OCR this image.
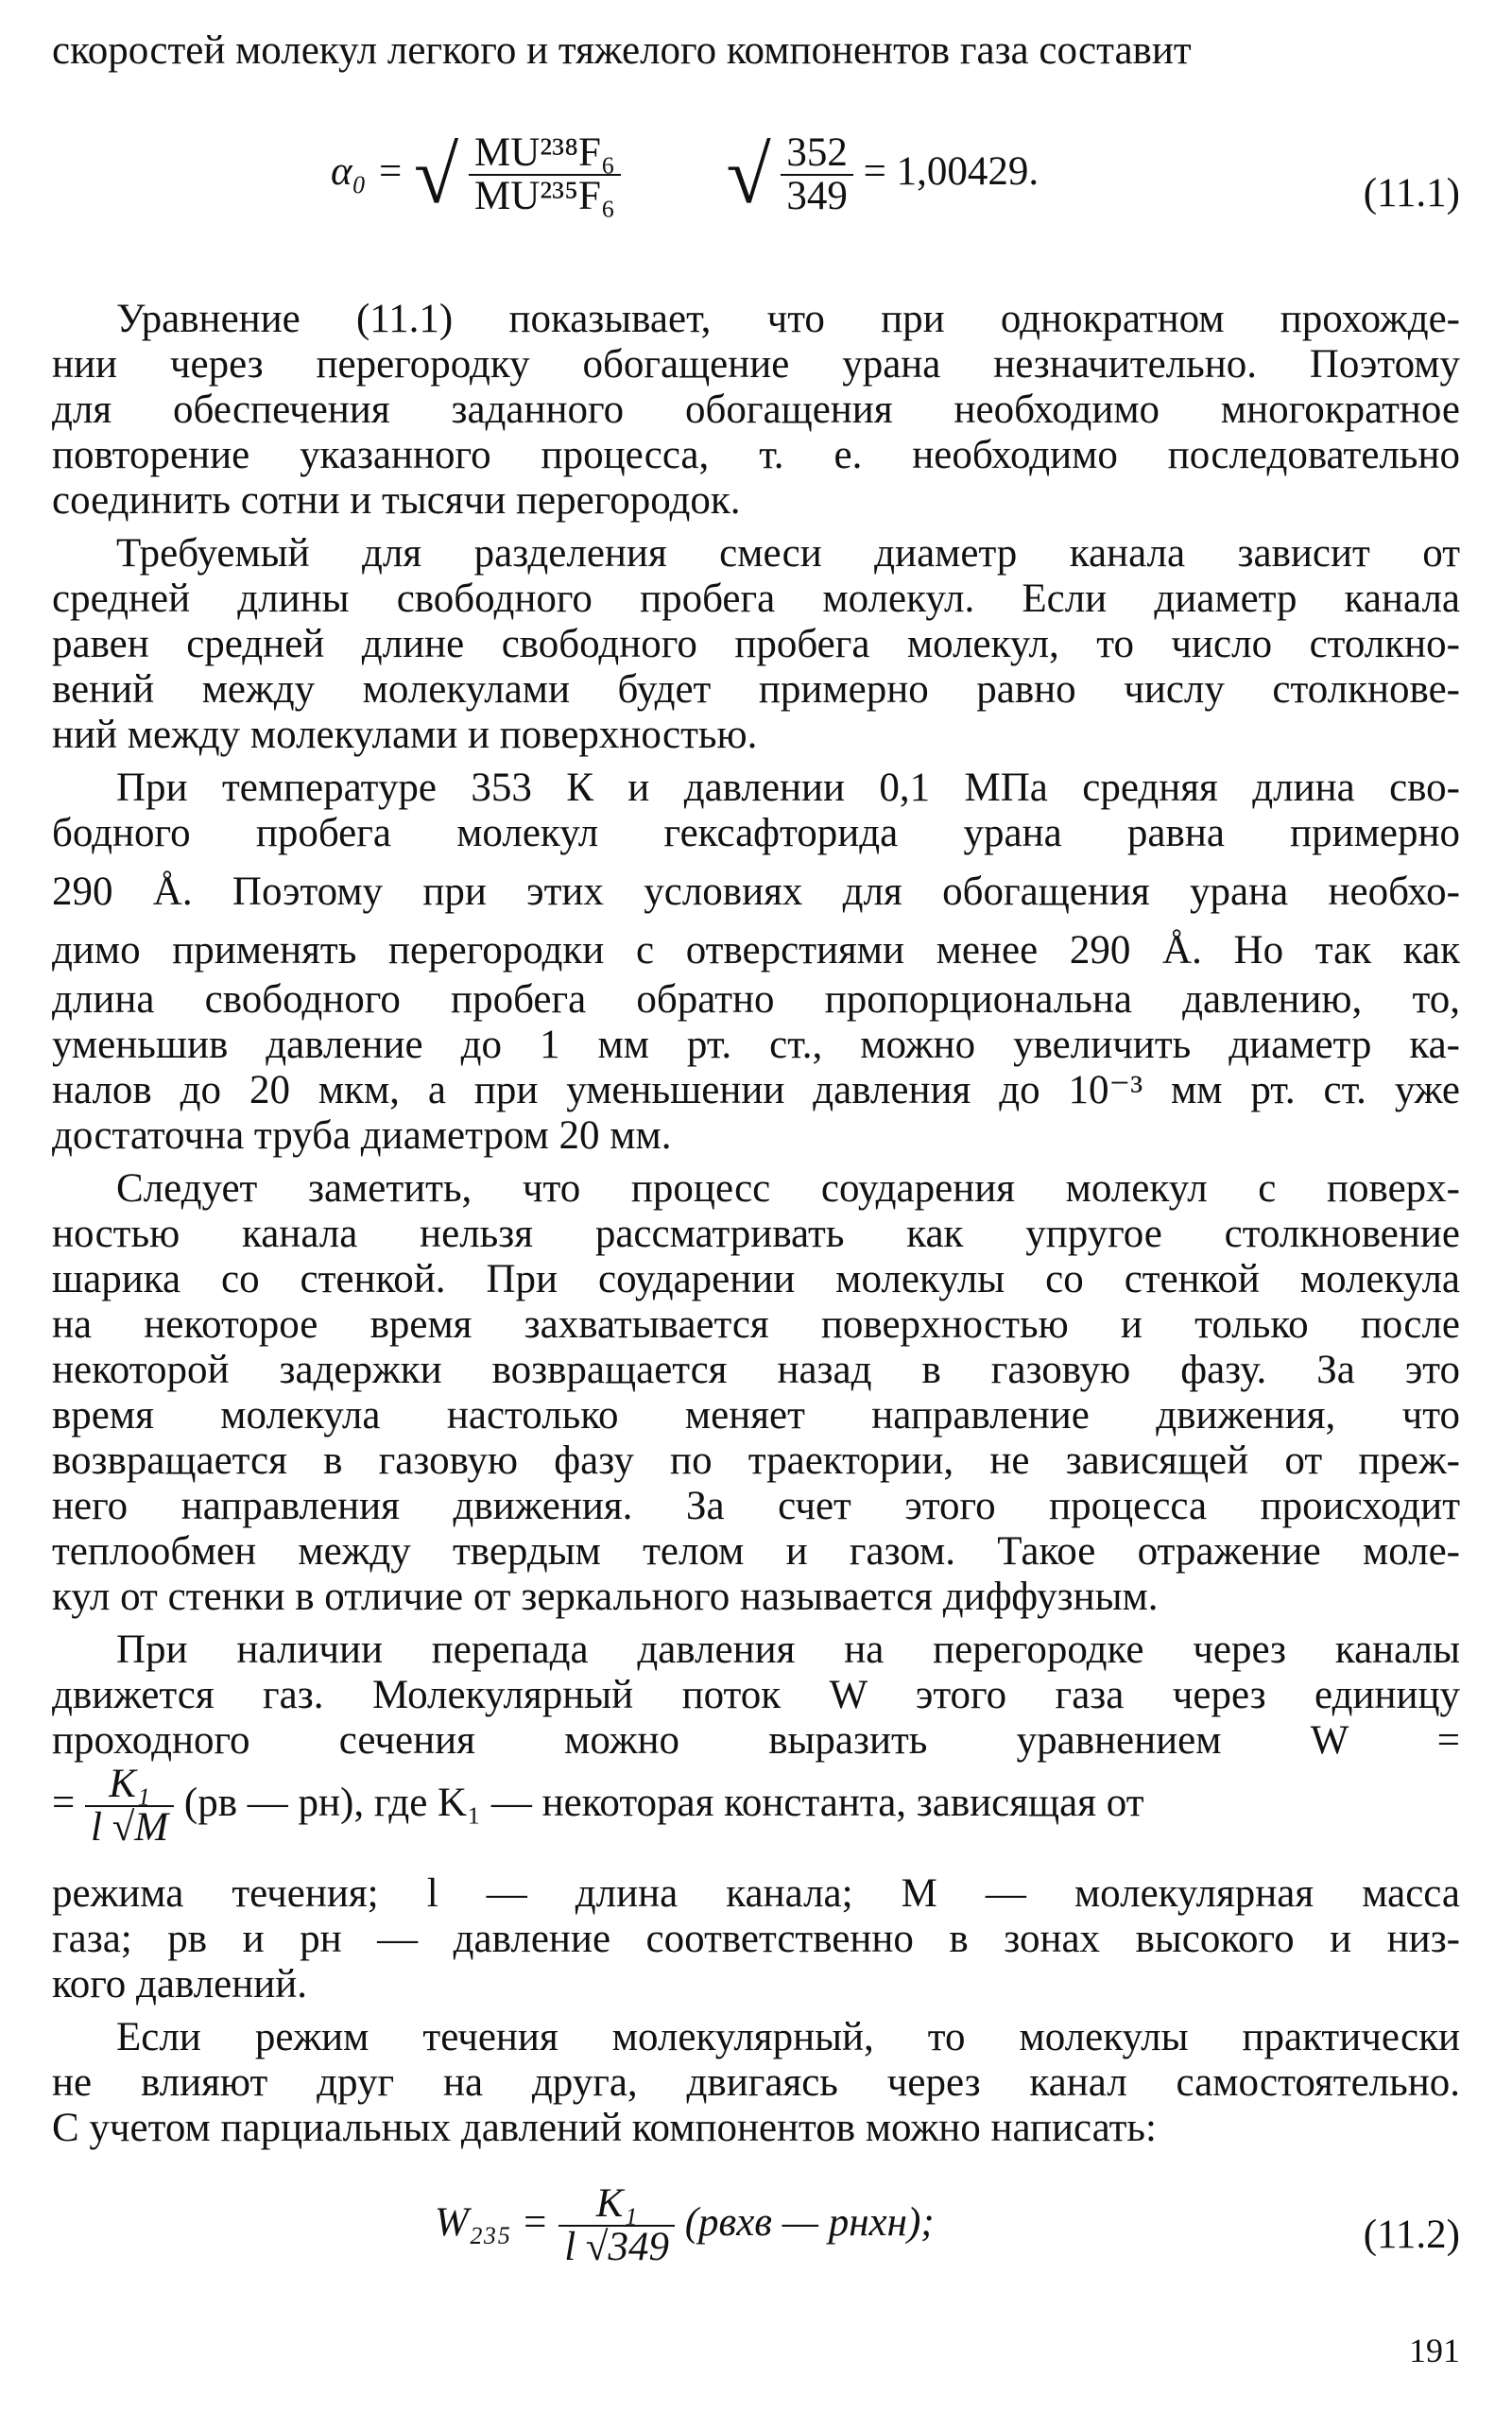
скоростей молекул легкого и тяжелого компонентов газа составит
α₀ = √ $\frac{\text{MU²³⁸F₆}}{\text{MU²³⁵F₆}}$ √ $\frac{352}{349} = 1,00429$.	(11.1)
Уравнение (11.1) показывает, что при однократном прохожде-
нии через перегородку обогащение урана незначительно. Поэтому
для обеспечения заданного обогащения необходимо многократное
повторение указанного процесса, т. е. необходимо последовательно
соединить сотни и тысячи перегородок.
Требуемый для разделения смеси диаметр канала зависит от
средней длины свободного пробега молекул. Если диаметр канала
равен средней длине свободного пробега молекул, то число столкно-
вений между молекулами будет примерно равно числу столкнове-
ний между молекулами и поверхностью.
При температуре 353 К и давлении 0,1 МПа средняя длина сво-
бодного пробега молекул гексафторида урана равна примерно
290 Å. Поэтому при этих условиях для обогащения урана необхо-
димо применять перегородки с отверстиями менее 290 Å. Но так как
длина свободного пробега обратно пропорциональна давлению, то,
уменьшив давление до 1 мм рт. ст., можно увеличить диаметр ка-
налов до 20 мкм, а при уменьшении давления до 10⁻³ мм рт. ст. уже
достаточна труба диаметром 20 мм.
Следует заметить, что процесс соударения молекул с поверх-
ностью канала нельзя рассматривать как упругое столкновение
шарика со стенкой. При соударении молекулы со стенкой молекула
на некоторое время захватывается поверхностью и только после
некоторой задержки возвращается назад в газовую фазу. За это
время молекула настолько меняет направление движения, что
возвращается в газовую фазу по траектории, не зависящей от преж-
него направления движения. За счет этого процесса происходит
теплообмен между твердым телом и газом. Такое отражение моле-
кул от стенки в отличие от зеркального называется диффузным.
При наличии перепада давления на перегородке через каналы
движется газ. Молекулярный поток W этого газа через единицу
проходного сечения можно выразить уравнением W =
= $\frac{\text{K₁}}{l √M} (pв$ — pн), где K₁ — некоторая константа, зависящая от
режима течения; l — длина канала; M — молекулярная масса
газа; pв и pн — давление соответственно в зонах высокого и низ-
кого давлений.
Если режим течения молекулярный, то молекулы практически
не влияют друг на друга, двигаясь через канал самостоятельно.
С учетом парциальных давлений компонентов можно написать:
$W_{235} = \frac{\text{K₁}}{l √349}$ (pвxв — pнxн);	(11.2)
191
